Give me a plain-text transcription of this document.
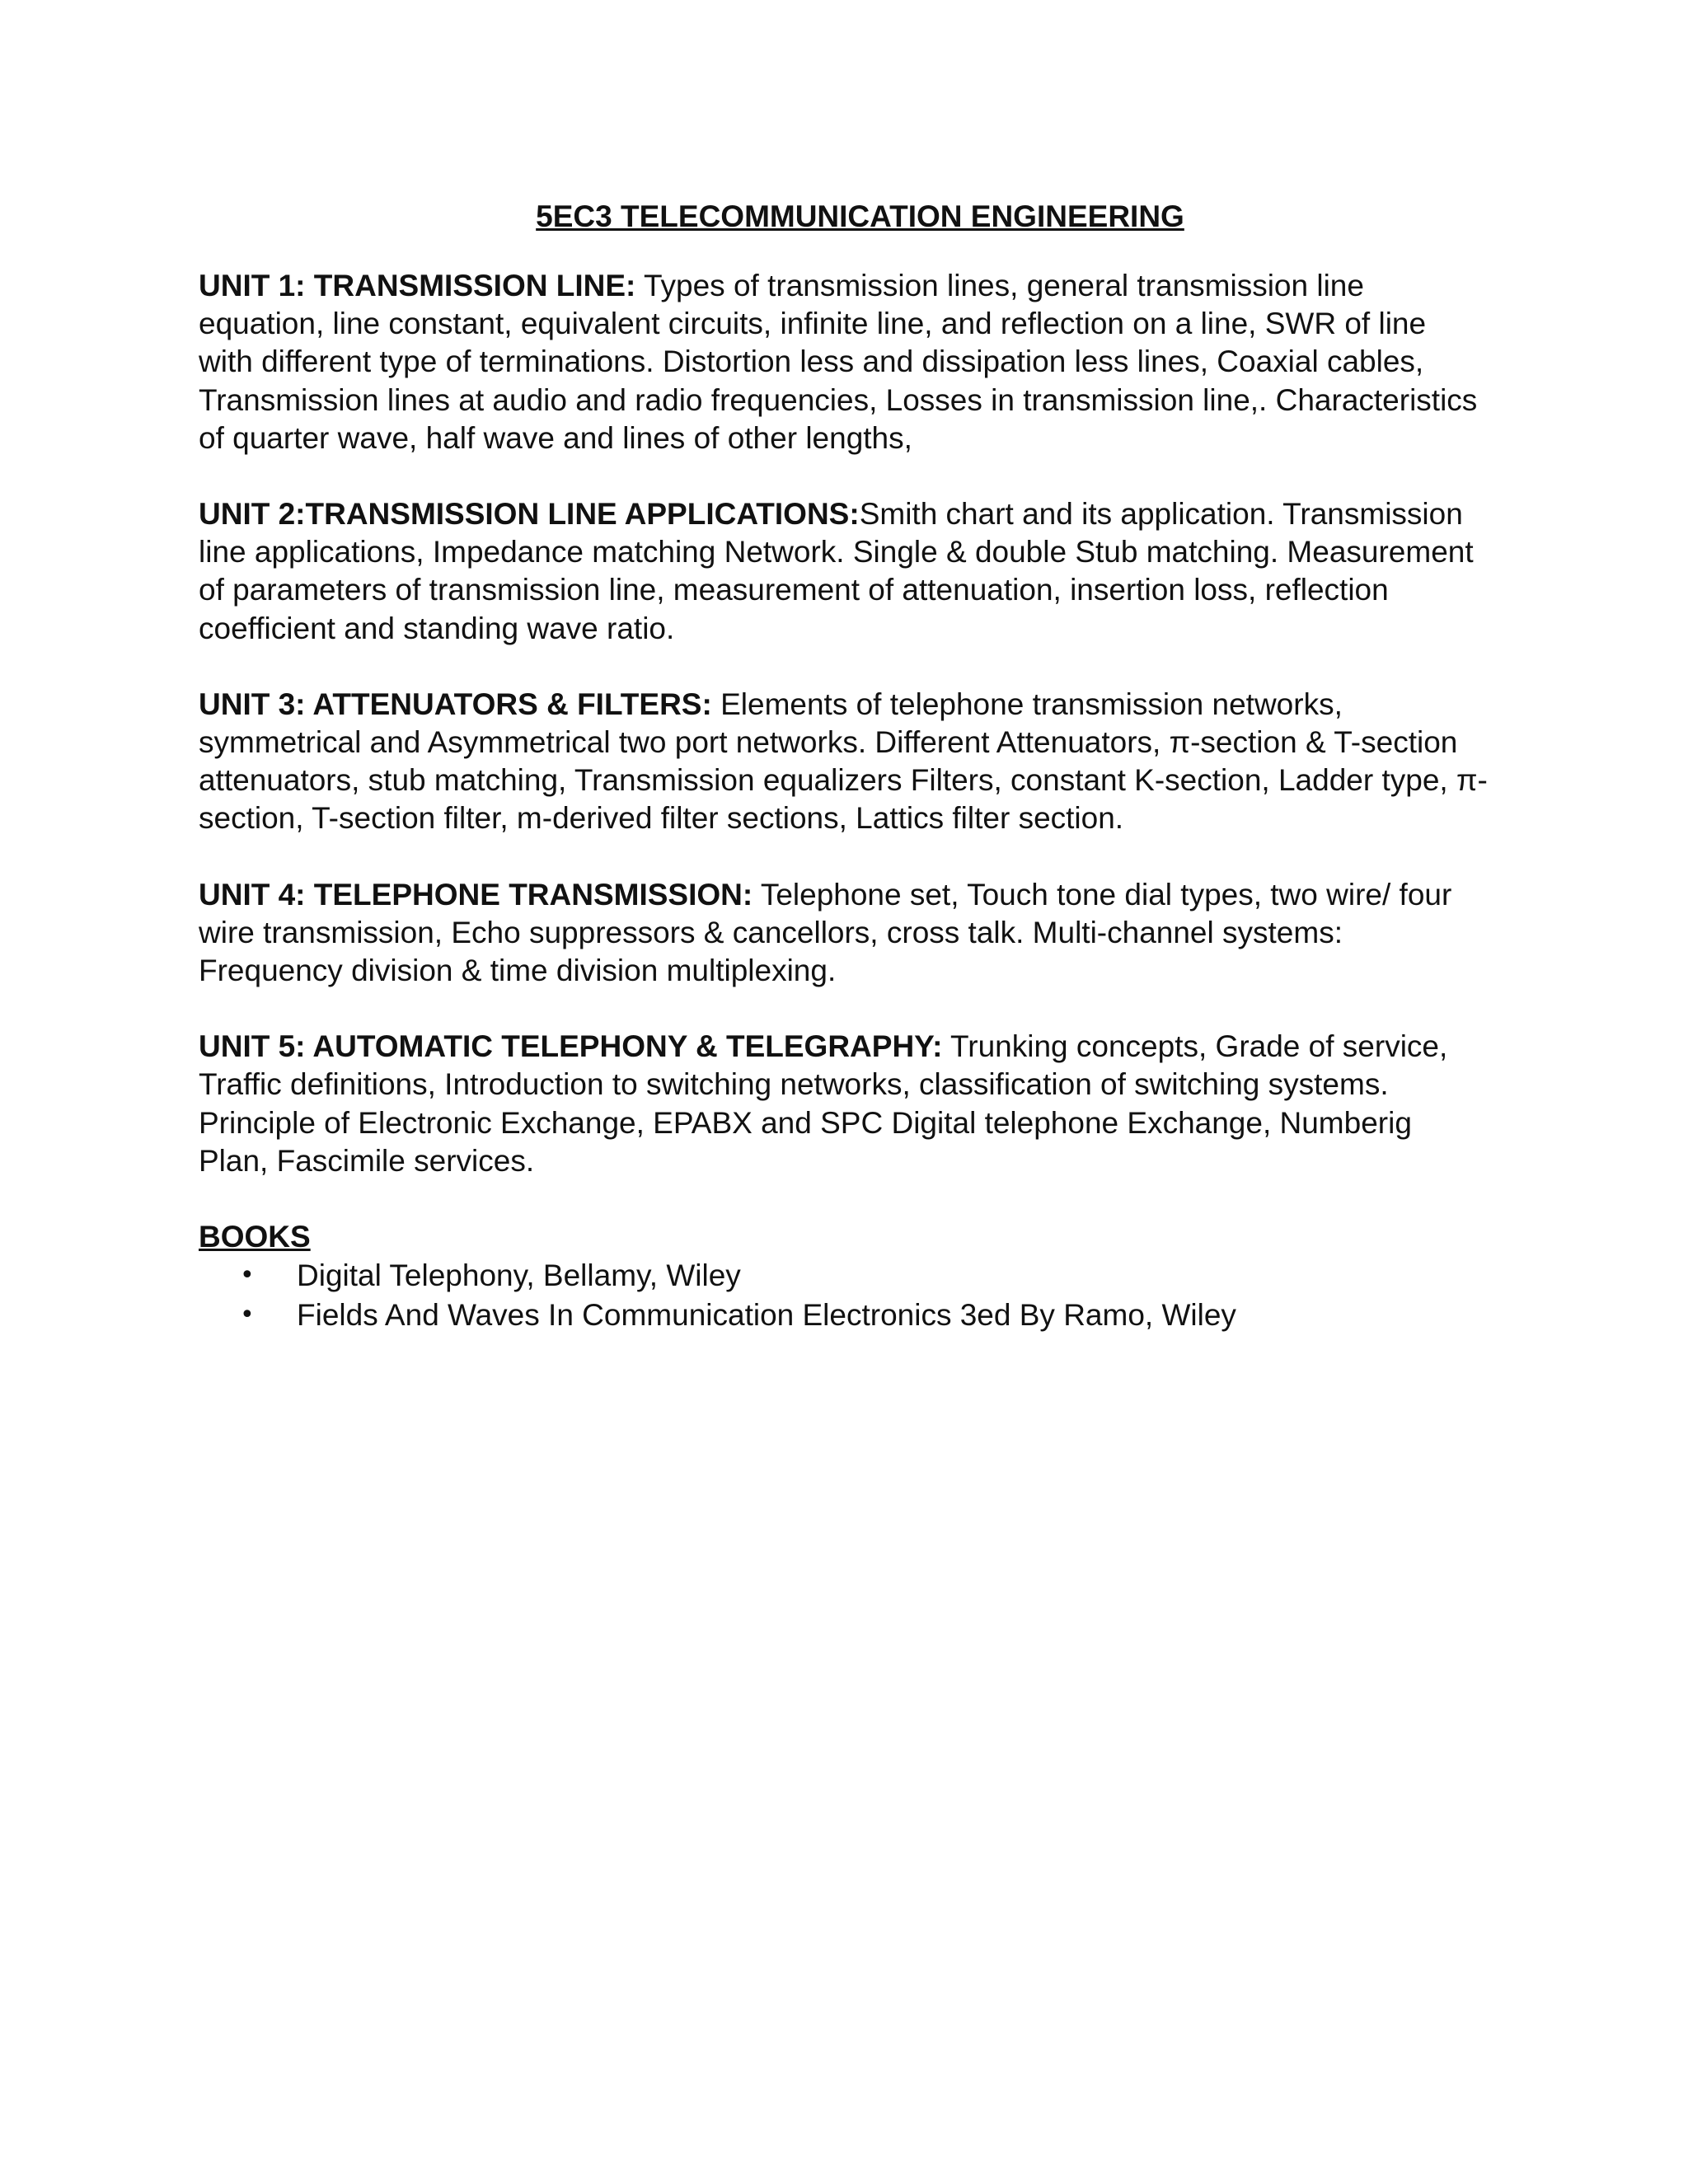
5EC3 TELECOMMUNICATION ENGINEERING

UNIT 1: TRANSMISSION LINE: Types of transmission lines, general transmission line equation, line constant, equivalent circuits, infinite line, and reflection on a line, SWR of line with different type of terminations. Distortion less and dissipation less lines, Coaxial cables, Transmission lines at audio and radio frequencies, Losses in transmission line,. Characteristics of quarter wave, half wave and lines of other lengths,

UNIT 2:TRANSMISSION LINE APPLICATIONS:Smith chart and its application. Transmission line applications, Impedance matching Network. Single & double Stub matching. Measurement of parameters of transmission line, measurement of attenuation, insertion loss, reflection coefficient and standing wave ratio.

UNIT 3: ATTENUATORS & FILTERS: Elements of telephone transmission networks, symmetrical and Asymmetrical two port networks. Different Attenuators, π-section & T-section attenuators, stub matching, Transmission equalizers Filters, constant K-section, Ladder type, π-section, T-section filter, m-derived filter sections, Lattics filter section.

UNIT 4: TELEPHONE TRANSMISSION: Telephone set, Touch tone dial types, two wire/ four wire transmission, Echo suppressors & cancellors, cross talk. Multi-channel systems: Frequency division & time division multiplexing.

UNIT 5: AUTOMATIC TELEPHONY & TELEGRAPHY: Trunking concepts, Grade of service, Traffic definitions, Introduction to switching networks, classification of switching systems. Principle of Electronic Exchange, EPABX and SPC Digital telephone Exchange, Numberig Plan, Fascimile services.

BOOKS
• Digital Telephony, Bellamy, Wiley
• Fields And Waves In Communication Electronics 3ed By Ramo, Wiley
